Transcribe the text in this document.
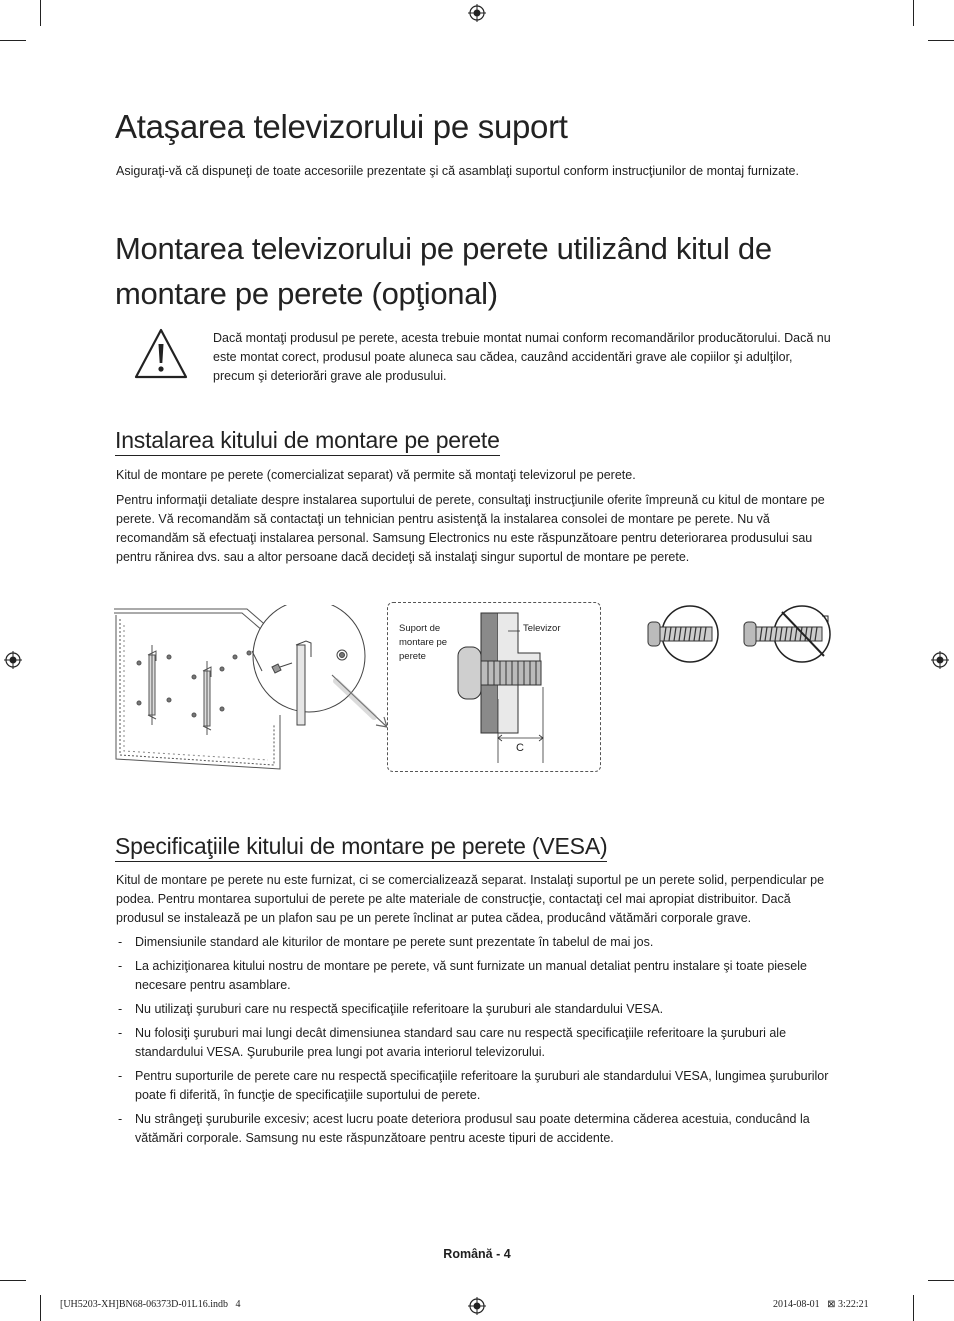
Ataşarea televizorului pe suport

Asiguraţi-vă că dispuneţi de toate accesoriile prezentate şi că asamblaţi suportul conform instrucţiunilor de montaj furnizate.

Montarea televizorului pe perete utilizând kitul de montare pe perete (opţional)

Dacă montaţi produsul pe perete, acesta trebuie montat numai conform recomandărilor producătorului. Dacă nu este montat corect, produsul poate aluneca sau cădea, cauzând accidentări grave ale copiilor şi adulţilor, precum şi deteriorări grave ale produsului.

Instalarea kitului de montare pe perete

Kitul de montare pe perete (comercializat separat) vă permite să montaţi televizorul pe perete.

Pentru informaţii detaliate despre instalarea suportului de perete, consultaţi instrucţiunile oferite împreună cu kitul de montare pe perete. Vă recomandăm să contactaţi un tehnician pentru asistenţă la instalarea consolei de montare pe perete. Nu vă recomandăm să efectuaţi instalarea personal. Samsung Electronics nu este răspunzătoare pentru deteriorarea produsului sau pentru rănirea dvs. sau a altor persoane dacă decideţi să instalaţi singur suportul de montare pe perete.

Suport de montare pe perete
Televizor
C
Specificaţiile kitului de montare pe perete (VESA)

Kitul de montare pe perete nu este furnizat, ci se comercializează separat. Instalaţi suportul pe un perete solid, perpendicular pe podea. Pentru montarea suportului de perete pe alte materiale de construcţie, contactaţi cel mai apropiat distribuitor. Dacă produsul se instalează pe un plafon sau pe un perete înclinat ar putea cădea, producând vătămări corporale grave.

- Dimensiunile standard ale kiturilor de montare pe perete sunt prezentate în tabelul de mai jos.
- La achiziţionarea kitului nostru de montare pe perete, vă sunt furnizate un manual detaliat pentru instalare şi toate piesele necesare pentru asamblare.
- Nu utilizaţi şuruburi care nu respectă specificaţiile referitoare la şuruburi ale standardului VESA.
- Nu folosiţi şuruburi mai lungi decât dimensiunea standard sau care nu respectă specificaţiile referitoare la şuruburi ale standardului VESA. Şuruburile prea lungi pot avaria interiorul televizorului.
- Pentru suporturile de perete care nu respectă specificaţiile referitoare la şuruburi ale standardului VESA, lungimea şuruburilor poate fi diferită, în funcţie de specificaţiile suportului de perete.
- Nu strângeţi şuruburile excesiv; acest lucru poate deteriora produsul sau poate determina căderea acestuia, conducând la vătămări corporale. Samsung nu este răspunzătoare pentru aceste tipuri de accidente.
Română - 4
[UH5203-XH]BN68-06373D-01L16.indb   4	2014-08-01   ⊠ 3:22:21
